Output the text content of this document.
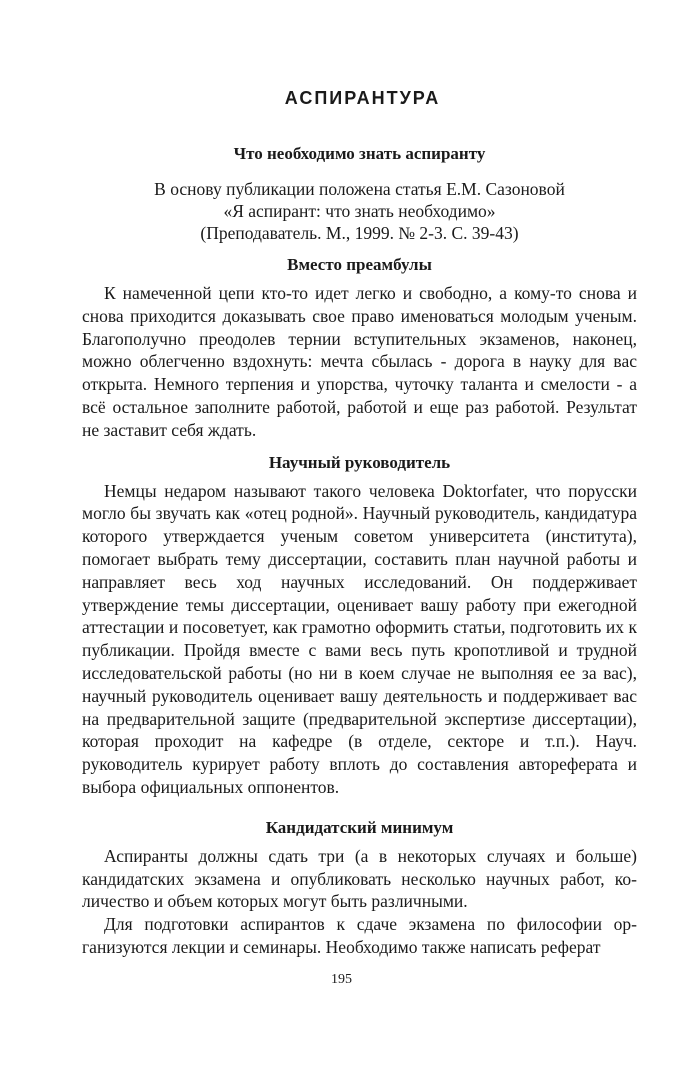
АСПИРАНТУРА
Что необходимо знать аспиранту
В основу публикации положена статья Е.М. Сазоновой
«Я аспирант: что знать необходимо»
(Преподаватель. М., 1999. № 2-3. С. 39-43)
Вместо преамбулы

К намеченной цепи кто-то идет легко и свободно, а кому-то снова и снова приходится доказывать свое право именоваться молодым ученым. Благополучно преодолев тернии вступительных экзаменов, наконец, можно облегченно вздохнуть: мечта сбылась - дорога в науку для вас открыта. Немного терпения и упорства, чуточку таланта и смелости - а всё остальное заполните работой, работой и еще раз работой. Результат не заставит себя ждать.

Научный руководитель

Немцы недаром называют такого человека Doktorfater, что порусски могло бы звучать как «отец родной». Научный руководитель, кандидатура которого утверждается ученым советом университета (института), помогает выбрать тему диссертации, составить план научной работы и направляет весь ход научных исследований. Он поддерживает утверждение темы диссертации, оценивает вашу работу при ежегодной аттестации и посоветует, как грамотно оформить статьи, подготовить их к публикации. Пройдя вместе с вами весь путь кропотливой и трудной исследовательской работы (но ни в коем случае не выполняя ее за вас), научный руководитель оценивает вашу деятельность и поддерживает вас на предварительной защите (предварительной экспертизе диссертации), которая проходит на кафедре (в отделе, секторе и т.п.). Науч. руководитель курирует работу вплоть до составления автореферата и выбора официальных оппонентов.

Кандидатский минимум

Аспиранты должны сдать три (а в некоторых случаях и больше) кандидатских экзамена и опубликовать несколько научных работ, количество и объем которых могут быть различными.

Для подготовки аспирантов к сдаче экзамена по философии организуются лекции и семинары. Необходимо также написать реферат

195
